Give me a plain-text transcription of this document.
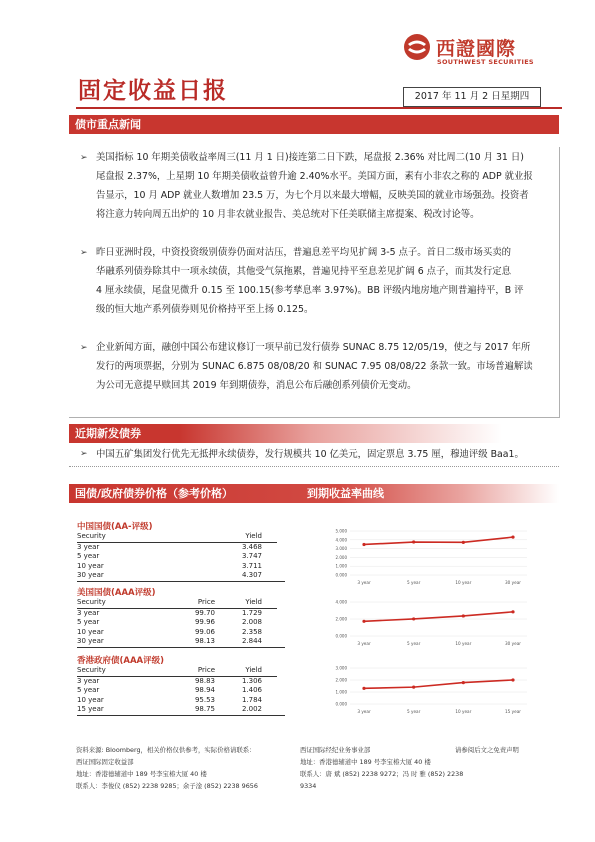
西證國際
SOUTHWEST SECURITIES
固定收益日报	2017 年 11 月 2 日星期四
债市重点新闻
➢ 美国指标 10 年期美债收益率周三(11 月 1 日)接连第二日下跌，尾盘报 2.36% 对比周二(10 月 31 日)
尾盘报 2.37%，上星期 10 年期美债收益曾升逾 2.40%水平。美国方面，素有小非农之称的 ADP 就业报
告显示，10 月 ADP 就业人数增加 23.5 万，为七个月以来最大增幅，反映美国的就业市场强劲。投资者
将注意力转向周五出炉的 10 月非农就业报告、美总统对下任美联储主席提案、税改讨论等。
➢ 昨日亚洲时段，中资投资级别债券仍面对沽压，普遍息差平均见扩阔 3-5 点子。首日二级市场买卖的
华融系列债券除其中一项永续债，其他受气氛拖累，普遍见持平至息差见扩阔 6 点子，而其发行定息
4 厘永续债，尾盘见微升 0.15 至 100.15(参考孳息率 3.97%)。BB 评级内地房地产則普遍持平，B 评
级的恒大地产系列债券则见价格持平至上扬 0.125。
➢ 企业新闻方面，融创中国公布建议修订一项早前已发行债券 SUNAC 8.75 12/05/19，使之与 2017 年所
发行的两项票据，分别为 SUNAC 6.875 08/08/20 和 SUNAC 7.95 08/08/22 条款一致。市场普遍解读
为公司无意提早赎回其 2019 年到期债券，消息公布后融创系列债价无变动。
近期新发债券
➢ 中国五矿集团发行优先无抵押永续债券，发行规模共 10 亿美元，固定票息 3.75 厘，穆迪评级 Baa1。
国债/政府债券价格（参考价格）	到期收益率曲线
中国国债(AA-评级)
Security	Yield
3 year	3.468
5 year	3.747
10 year	3.711
30 year	4.307
美国国债(AAA评级)
Security	Price	Yield
3 year	99.70	1.729
5 year	99.96	2.008
10 year	99.06	2.358
30 year	98.13	2.844
香港政府债(AAA评级)
Security	Price	Yield
3 year	98.83	1.306
5 year	98.94	1.406
10 year	95.53	1.784
15 year	98.75	2.002
5.000
4.000
3.000
2.000
1.000
0.000
3 year	5 year	10 year	30 year
4.000
2.000
0.000
3 year	5 year	10 year	30 year
3.000
2.000
1.000
0.000
3 year	5 year	10 year	15 year
资料来源: Bloomberg，相关价格仅供参考，实际价格请联系：
西证国际固定收益部
地址：香港德辅道中 189 号李宝椿大厦 40 楼
联系人：李俊仪 (852) 2238 9285；余子淦 (852) 2238 9656
西证国际经纪业务事业部
地址：香港德辅道中 189 号李宝椿大厦 40 楼
联系人：唐 斌 (852) 2238 9272；冯 时 雅 (852) 2238 9334
请参阅后文之免责声明
